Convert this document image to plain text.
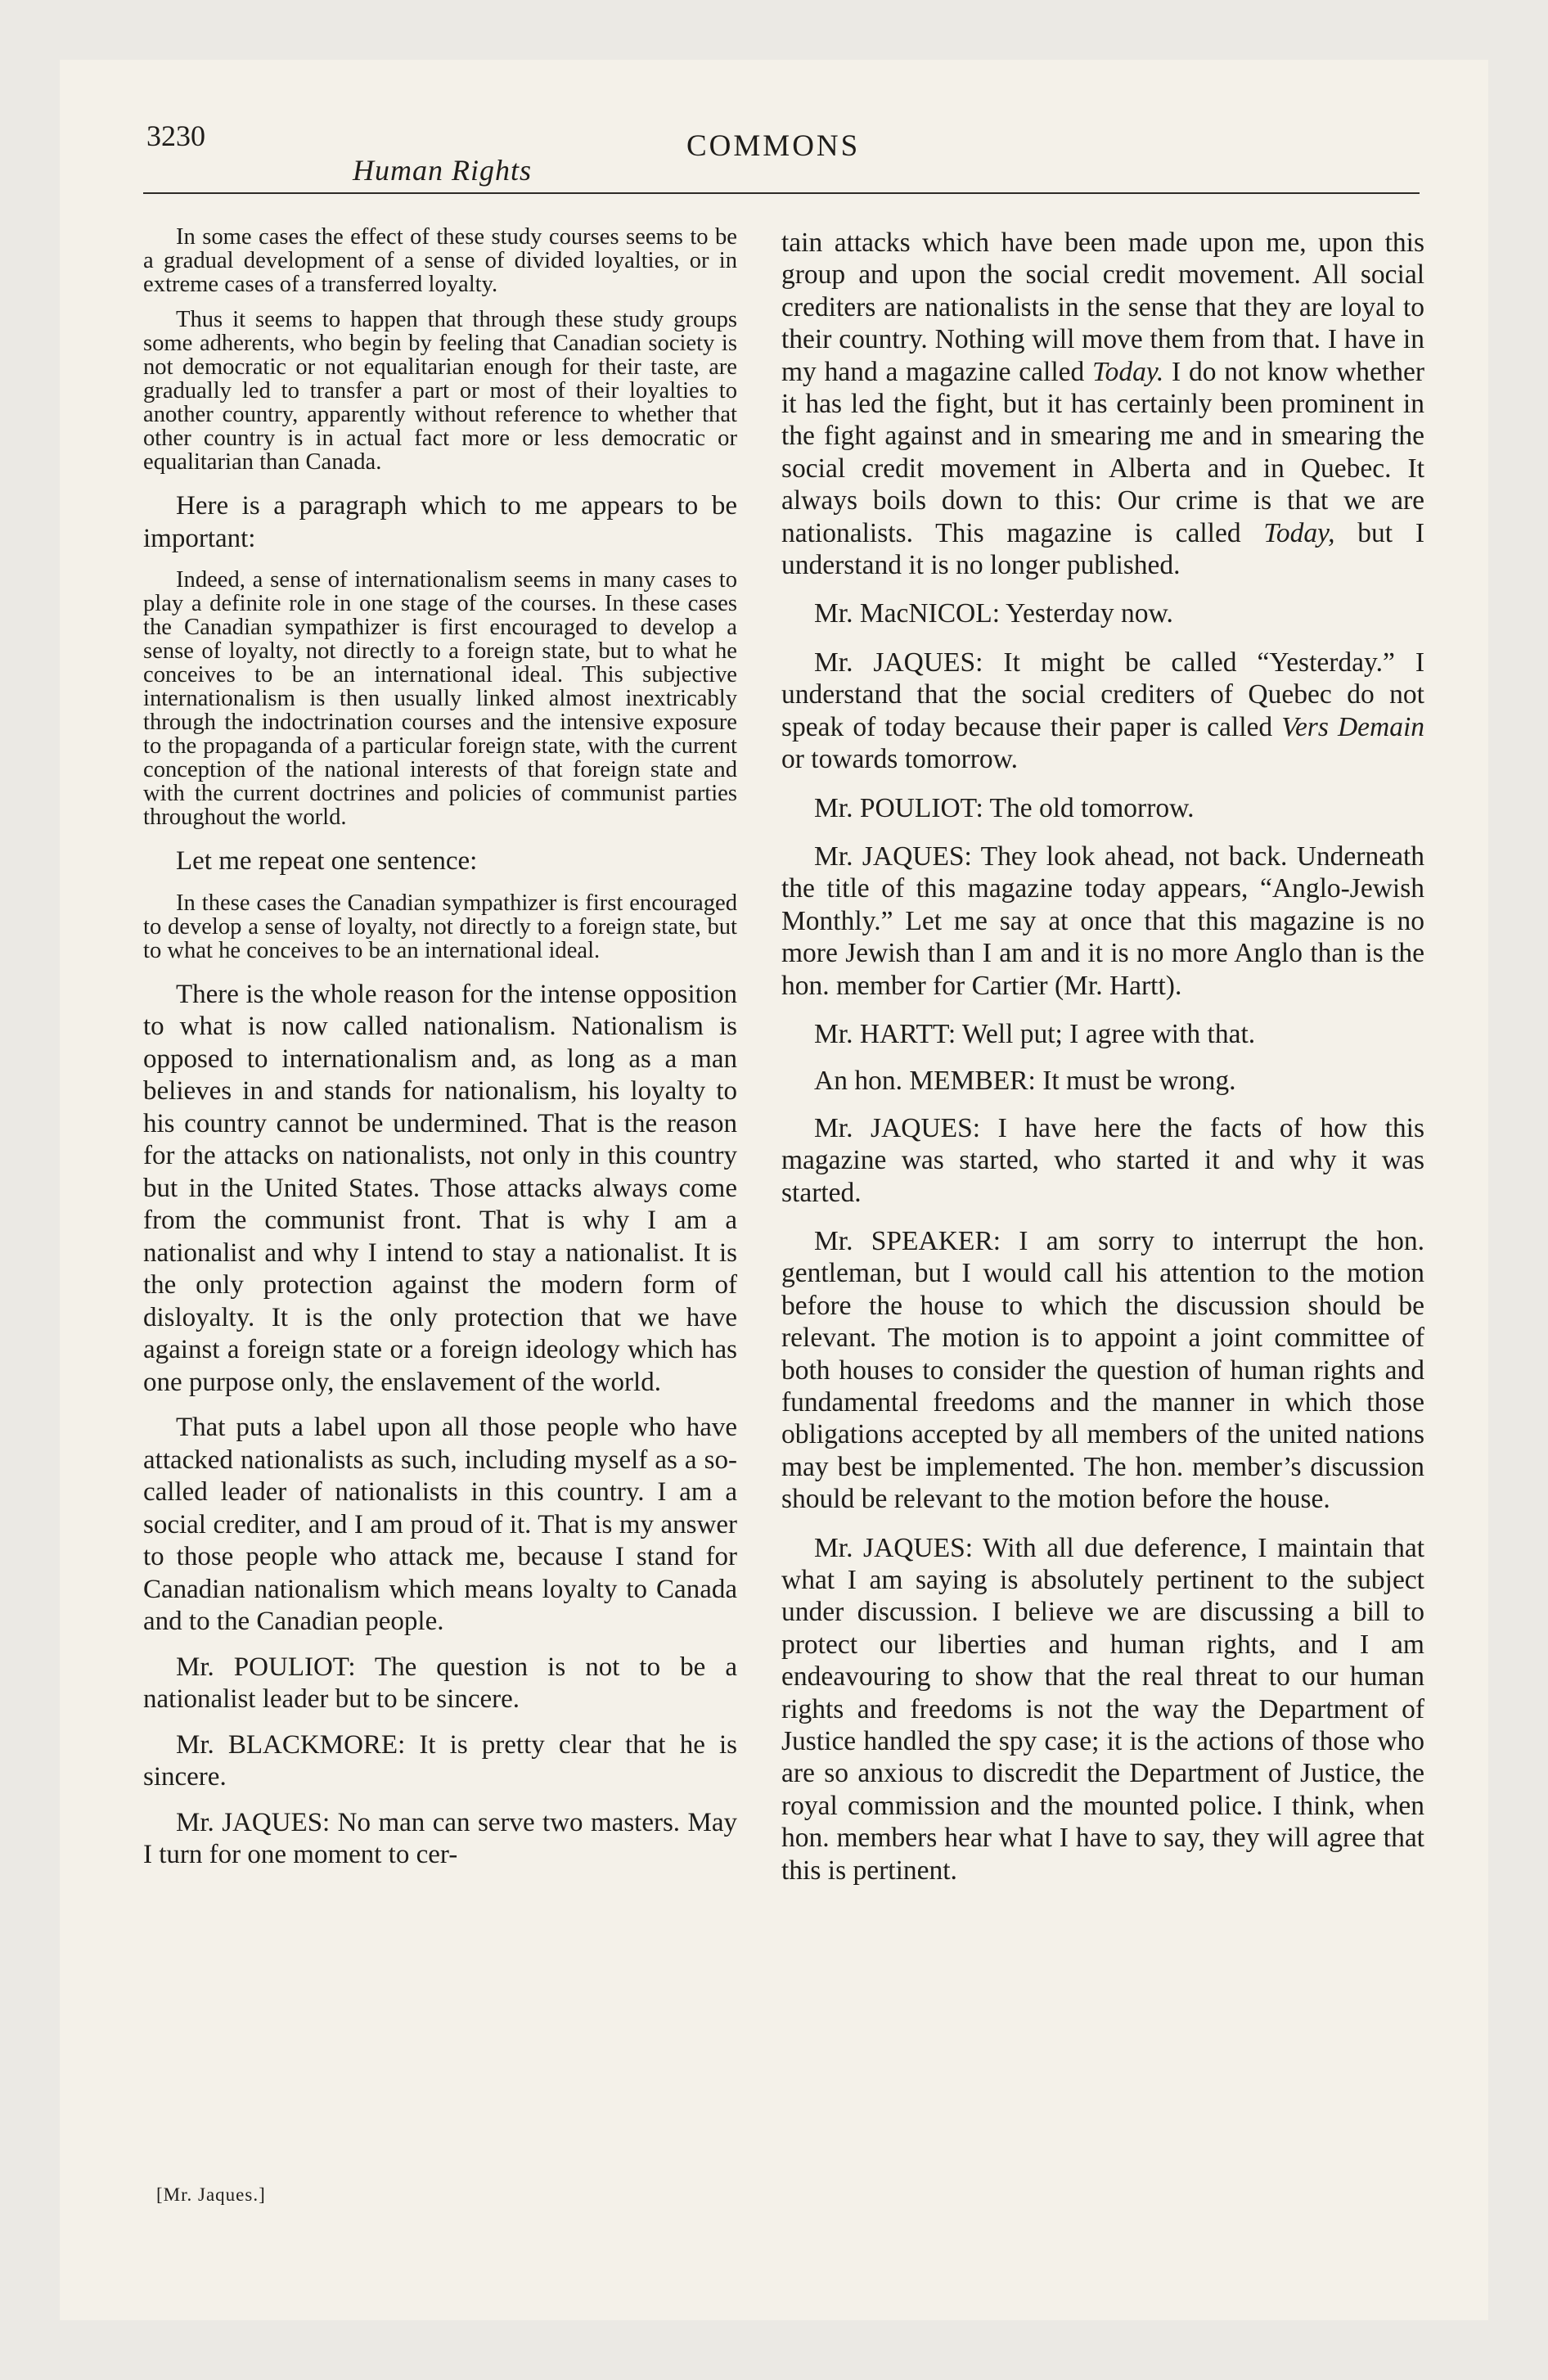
3230
Human Rights
COMMONS

In some cases the effect of these study courses seems to be a gradual development of a sense of divided loyalties, or in extreme cases of a transferred loyalty.

Thus it seems to happen that through these study groups some adherents, who begin by feeling that Canadian society is not democratic or not equalitarian enough for their taste, are gradually led to transfer a part or most of their loyalties to another country, apparently without reference to whether that other country is in actual fact more or less democratic or equalitarian than Canada.

Here is a paragraph which to me appears to be important:

Indeed, a sense of internationalism seems in many cases to play a definite role in one stage of the courses. In these cases the Canadian sympathizer is first encouraged to develop a sense of loyalty, not directly to a foreign state, but to what he conceives to be an international ideal. This subjective internationalism is then usually linked almost inextricably through the indoctrination courses and the intensive exposure to the propaganda of a particular foreign state, with the current conception of the national interests of that foreign state and with the current doctrines and policies of communist parties throughout the world.

Let me repeat one sentence:

In these cases the Canadian sympathizer is first encouraged to develop a sense of loyalty, not directly to a foreign state, but to what he conceives to be an international ideal.

There is the whole reason for the intense opposition to what is now called nationalism. Nationalism is opposed to internationalism and, as long as a man believes in and stands for nationalism, his loyalty to his country cannot be undermined. That is the reason for the attacks on nationalists, not only in this country but in the United States. Those attacks always come from the communist front. That is why I am a nationalist and why I intend to stay a nationalist. It is the only protection against the modern form of disloyalty. It is the only protection that we have against a foreign state or a foreign ideology which has one purpose only, the enslavement of the world.

That puts a label upon all those people who have attacked nationalists as such, including myself as a so-called leader of nationalists in this country. I am a social crediter, and I am proud of it. That is my answer to those people who attack me, because I stand for Canadian nationalism which means loyalty to Canada and to the Canadian people.

Mr. POULIOT: The question is not to be a nationalist leader but to be sincere.

Mr. BLACKMORE: It is pretty clear that he is sincere.

Mr. JAQUES: No man can serve two masters. May I turn for one moment to cer-

tain attacks which have been made upon me, upon this group and upon the social credit movement. All social crediters are nationalists in the sense that they are loyal to their country. Nothing will move them from that. I have in my hand a magazine called Today. I do not know whether it has led the fight, but it has certainly been prominent in the fight against and in smearing me and in smearing the social credit movement in Alberta and in Quebec. It always boils down to this: Our crime is that we are nationalists. This magazine is called Today, but I understand it is no longer published.

Mr. MacNICOL: Yesterday now.

Mr. JAQUES: It might be called “Yesterday.” I understand that the social crediters of Quebec do not speak of today because their paper is called Vers Demain or towards tomorrow.

Mr. POULIOT: The old tomorrow.

Mr. JAQUES: They look ahead, not back. Underneath the title of this magazine today appears, “Anglo-Jewish Monthly.” Let me say at once that this magazine is no more Jewish than I am and it is no more Anglo than is the hon. member for Cartier (Mr. Hartt).

Mr. HARTT: Well put; I agree with that.

An hon. MEMBER: It must be wrong.

Mr. JAQUES: I have here the facts of how this magazine was started, who started it and why it was started.

Mr. SPEAKER: I am sorry to interrupt the hon. gentleman, but I would call his attention to the motion before the house to which the discussion should be relevant. The motion is to appoint a joint committee of both houses to consider the question of human rights and fundamental freedoms and the manner in which those obligations accepted by all members of the united nations may best be implemented. The hon. member’s discussion should be relevant to the motion before the house.

Mr. JAQUES: With all due deference, I maintain that what I am saying is absolutely pertinent to the subject under discussion. I believe we are discussing a bill to protect our liberties and human rights, and I am endeavouring to show that the real threat to our human rights and freedoms is not the way the Department of Justice handled the spy case; it is the actions of those who are so anxious to discredit the Department of Justice, the royal commission and the mounted police. I think, when hon. members hear what I have to say, they will agree that this is pertinent.

[Mr. Jaques.]
